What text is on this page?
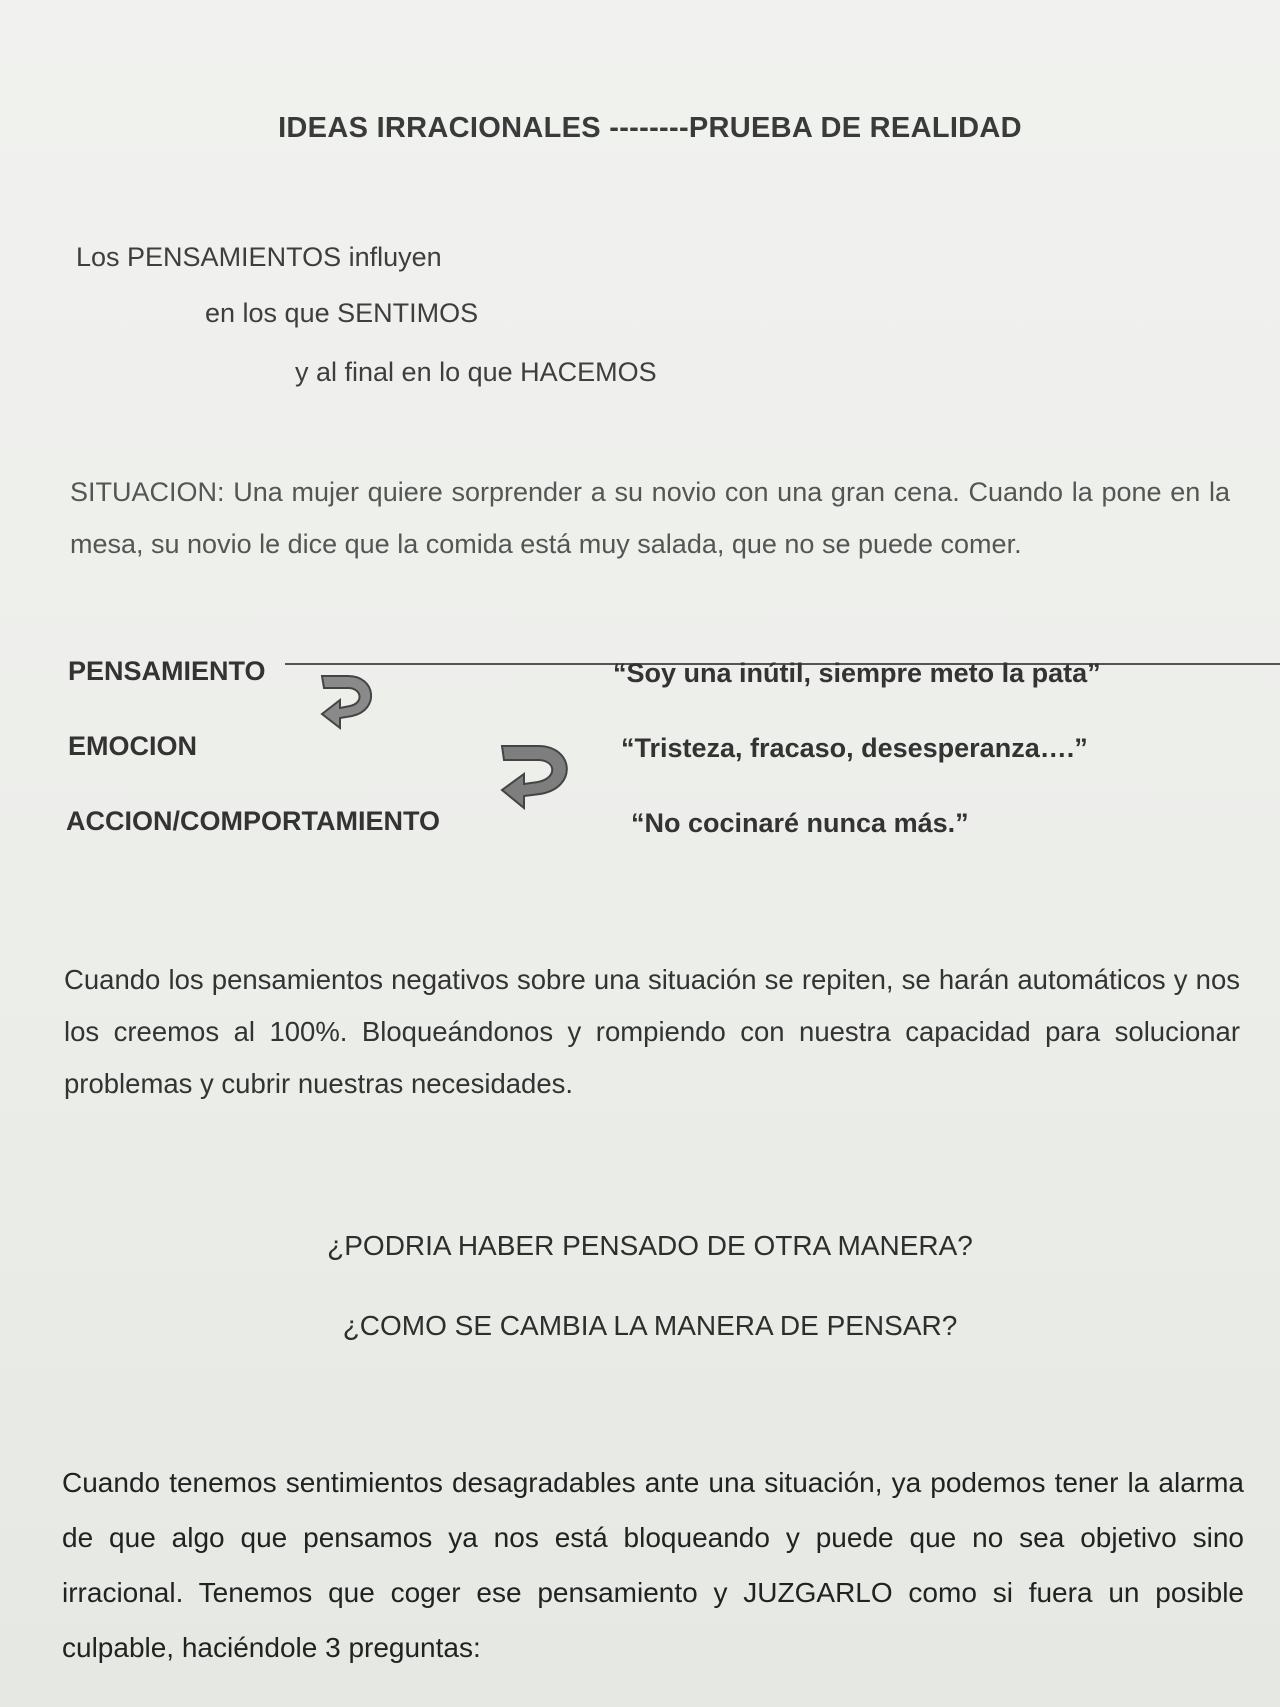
IDEAS IRRACIONALES --------PRUEBA DE REALIDAD
Los PENSAMIENTOS influyen
en los que SENTIMOS
y al final en lo que HACEMOS
SITUACION: Una mujer quiere sorprender a su novio con una gran cena. Cuando la pone en la mesa, su novio le dice que la comida está muy salada, que no se puede comer.
PENSAMIENTO	“Soy una inútil, siempre meto la pata”
EMOCION	“Tristeza, fracaso, desesperanza….”
ACCION/COMPORTAMIENTO	“No cocinaré nunca más.”
Cuando los pensamientos negativos sobre una situación se repiten, se harán automáticos y nos los creemos al 100%. Bloqueándonos y rompiendo con nuestra capacidad para solucionar problemas y cubrir nuestras necesidades.
¿PODRIA HABER PENSADO DE OTRA MANERA?
¿COMO SE CAMBIA LA MANERA DE PENSAR?
Cuando tenemos sentimientos desagradables ante una situación, ya podemos tener la alarma de que algo que pensamos ya nos está bloqueando y puede que no sea objetivo sino irracional. Tenemos que coger ese pensamiento y JUZGARLO como si fuera un posible culpable, haciéndole 3 preguntas:
